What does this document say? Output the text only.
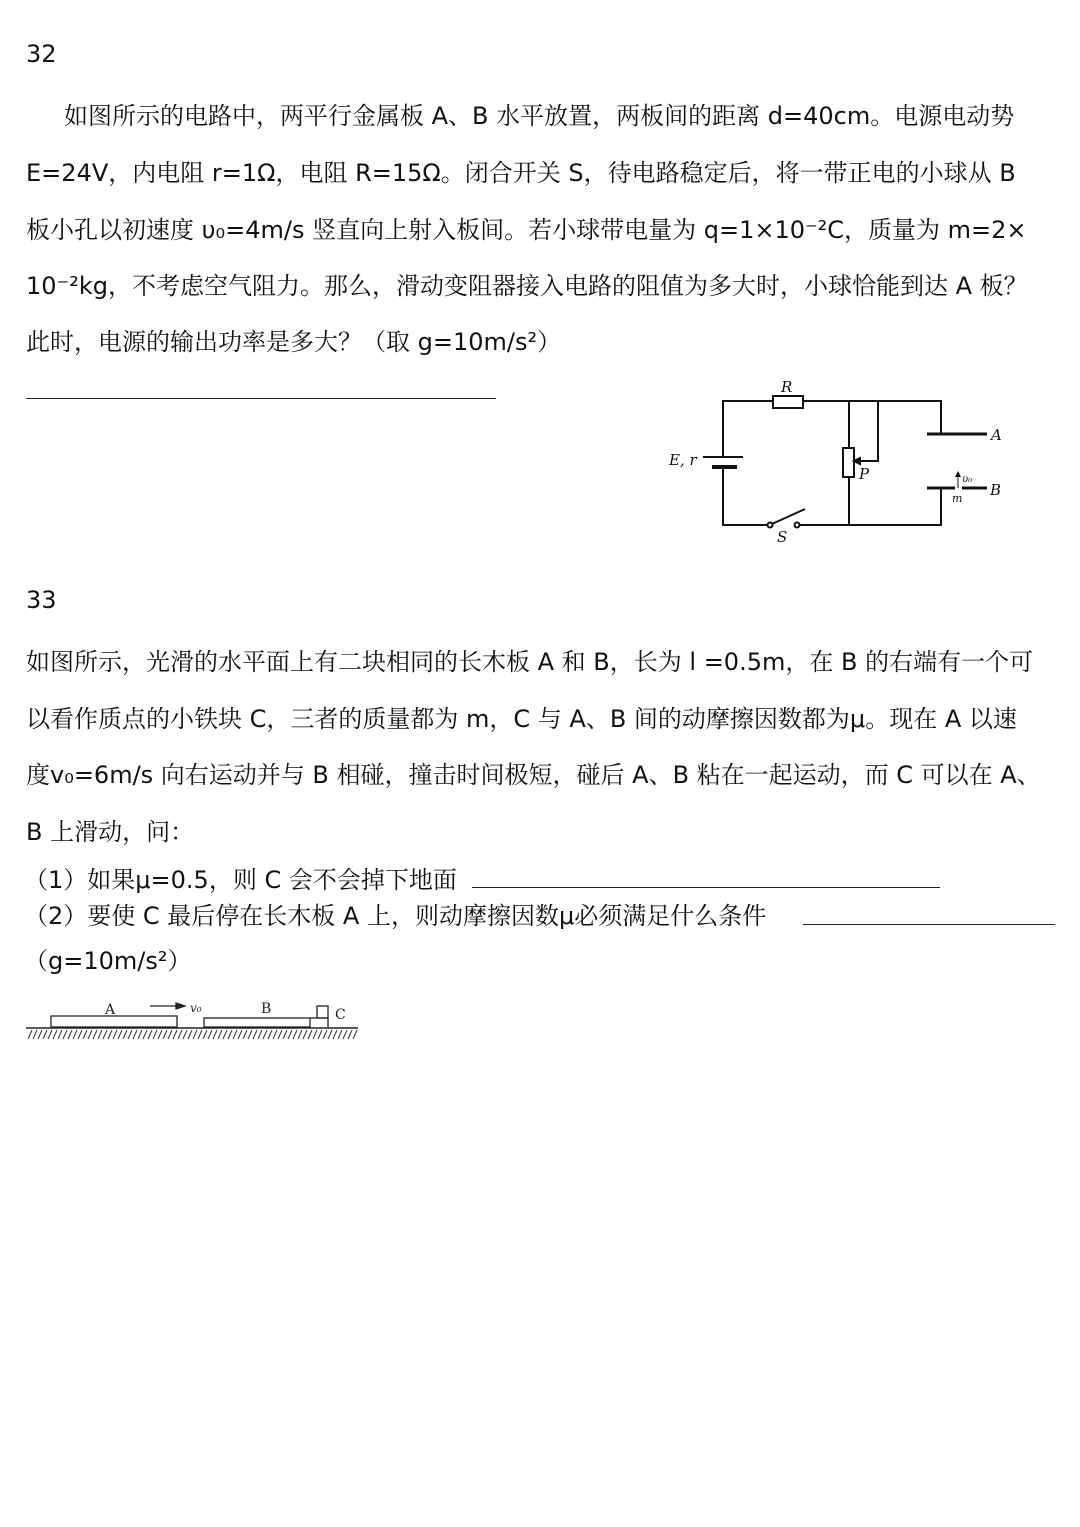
32
如图所示的电路中，两平行金属板 A、B 水平放置，两板间的距离 d=40cm。电源电动势
E=24V，内电阻 r=1Ω，电阻 R=15Ω。闭合开关 S，待电路稳定后，将一带正电的小球从 B
板小孔以初速度 υ₀=4m/s 竖直向上射入板间。若小球带电量为 q=1×10⁻²C，质量为 m=2×
10⁻²kg，不考虑空气阻力。那么，滑动变阻器接入电路的阻值为多大时，小球恰能到达 A 板？
此时，电源的输出功率是多大？（取 g=10m/s²）
R
E, r
P
A
B
S
m
υ₀
A	B	C
v₀
33
如图所示，光滑的水平面上有二块相同的长木板 A 和 B，长为 l =0.5m，在 B 的右端有一个可
以看作质点的小铁块 C，三者的质量都为 m，C 与 A、B 间的动摩擦因数都为μ。现在 A 以速
度v₀=6m/s 向右运动并与 B 相碰，撞击时间极短，碰后 A、B 粘在一起运动，而 C 可以在 A、
B 上滑动，问：
（1）如果μ=0.5，则 C 会不会掉下地面
（2）要使 C 最后停在长木板 A 上，则动摩擦因数μ必须满足什么条件
（g=10m/s²）
